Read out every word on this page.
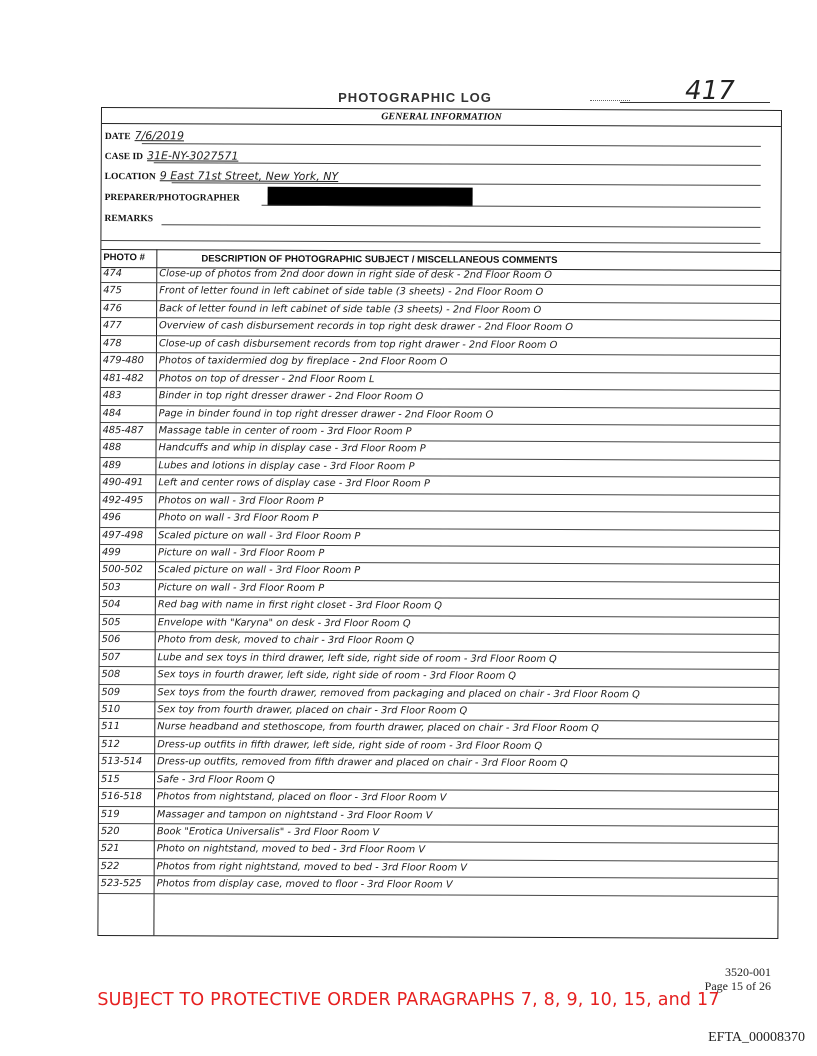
417
PHOTOGRAPHIC LOG
GENERAL INFORMATION
DATE 7/6/2019
CASE ID 31E-NY-3027571
LOCATION 9 East 71st Street, New York, NY
PREPARER/PHOTOGRAPHER
REMARKS
PHOTO #	DESCRIPTION OF PHOTOGRAPHIC SUBJECT / MISCELLANEOUS COMMENTS
474	Close-up of photos from 2nd door down in right side of desk - 2nd Floor Room O
475	Front of letter found in left cabinet of side table (3 sheets) - 2nd Floor Room O
476	Back of letter found in left cabinet of side table (3 sheets) - 2nd Floor Room O
477	Overview of cash disbursement records in top right desk drawer - 2nd Floor Room O
478	Close-up of cash disbursement records from top right drawer - 2nd Floor Room O
479-480	Photos of taxidermied dog by fireplace - 2nd Floor Room O
481-482	Photos on top of dresser - 2nd Floor Room L
483	Binder in top right dresser drawer - 2nd Floor Room O
484	Page in binder found in top right dresser drawer - 2nd Floor Room O
485-487	Massage table in center of room - 3rd Floor Room P
488	Handcuffs and whip in display case - 3rd Floor Room P
489	Lubes and lotions in display case - 3rd Floor Room P
490-491	Left and center rows of display case - 3rd Floor Room P
492-495	Photos on wall - 3rd Floor Room P
496	Photo on wall - 3rd Floor Room P
497-498	Scaled picture on wall - 3rd Floor Room P
499	Picture on wall - 3rd Floor Room P
500-502	Scaled picture on wall - 3rd Floor Room P
503	Picture on wall - 3rd Floor Room P
504	Red bag with name in first right closet - 3rd Floor Room Q
505	Envelope with "Karyna" on desk - 3rd Floor Room Q
506	Photo from desk, moved to chair - 3rd Floor Room Q
507	Lube and sex toys in third drawer, left side, right side of room - 3rd Floor Room Q
508	Sex toys in fourth drawer, left side, right side of room - 3rd Floor Room Q
509	Sex toys from the fourth drawer, removed from packaging and placed on chair - 3rd Floor Room Q
510	Sex toy from fourth drawer, placed on chair - 3rd Floor Room Q
511	Nurse headband and stethoscope, from fourth drawer, placed on chair - 3rd Floor Room Q
512	Dress-up outfits in fifth drawer, left side, right side of room - 3rd Floor Room Q
513-514	Dress-up outfits, removed from fifth drawer and placed on chair - 3rd Floor Room Q
515	Safe - 3rd Floor Room Q
516-518	Photos from nightstand, placed on floor - 3rd Floor Room V
519	Massager and tampon on nightstand - 3rd Floor Room V
520	Book "Erotica Universalis" - 3rd Floor Room V
521	Photo on nightstand, moved to bed - 3rd Floor Room V
522	Photos from right nightstand, moved to bed - 3rd Floor Room V
523-525	Photos from display case, moved to floor - 3rd Floor Room V
3520-001
Page 15 of 26
SUBJECT TO PROTECTIVE ORDER PARAGRAPHS 7, 8, 9, 10, 15, and 17
EFTA_00008370
